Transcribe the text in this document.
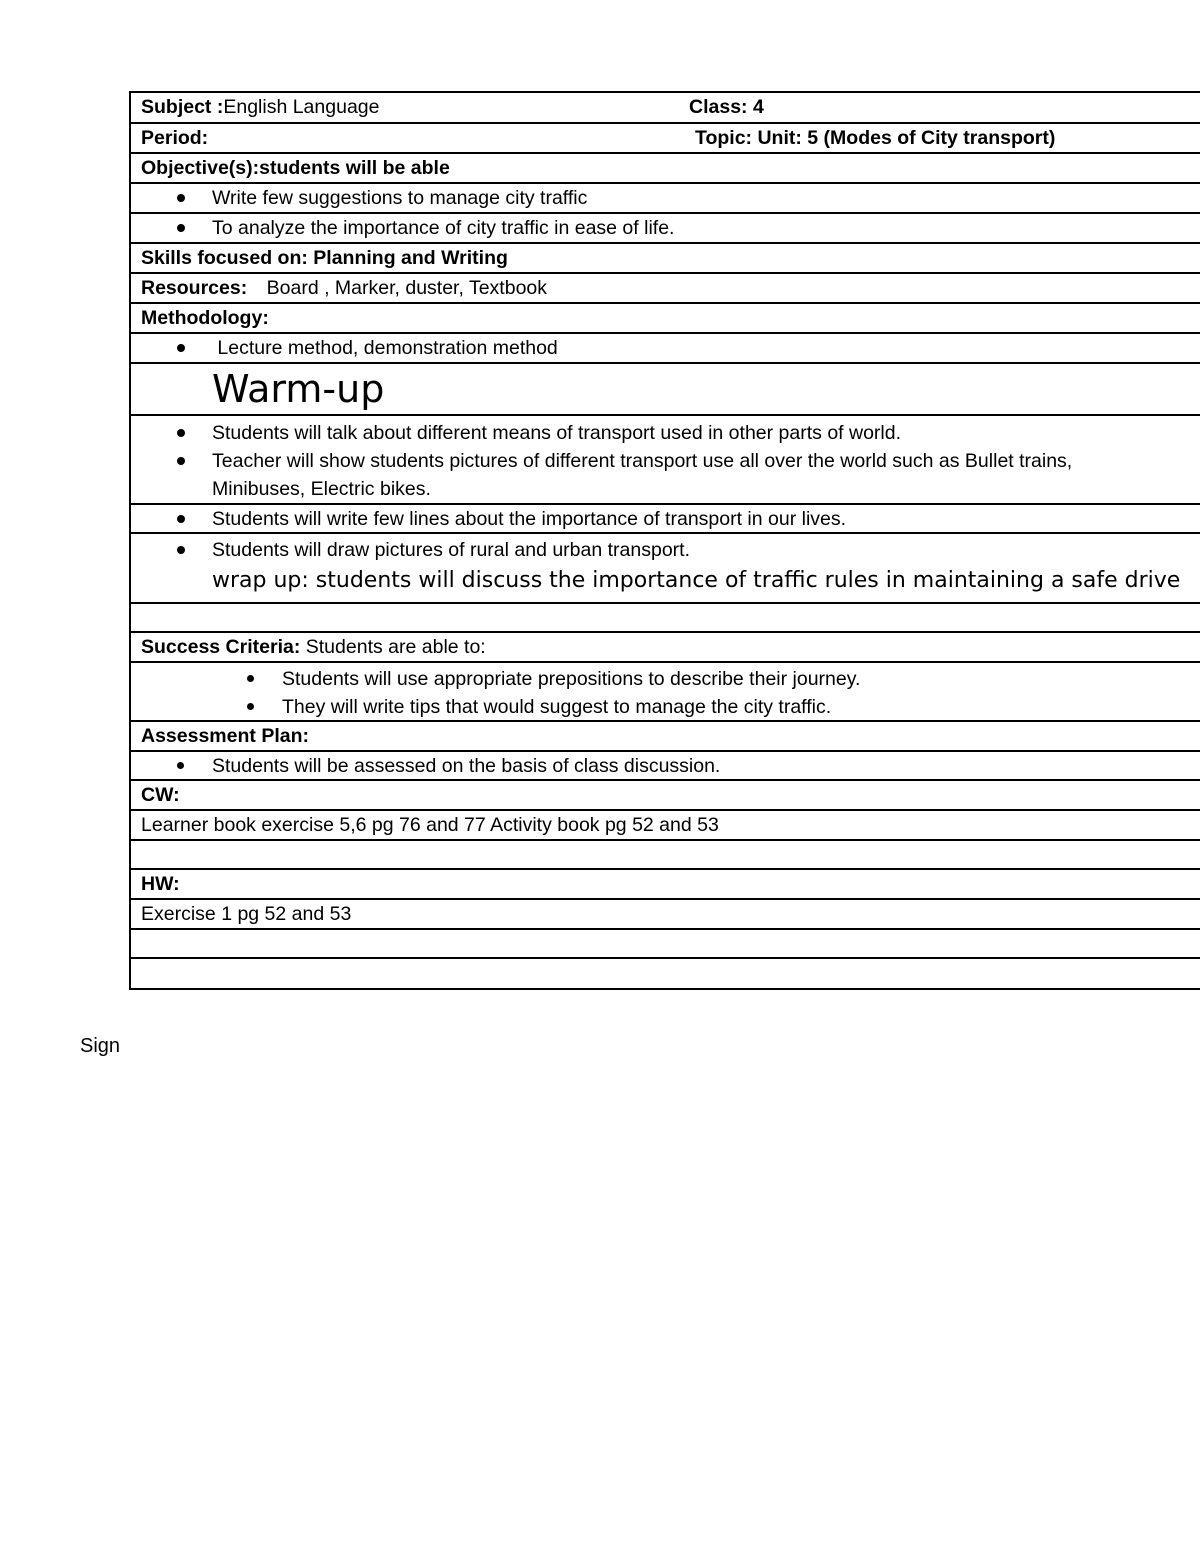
Subject :English Language	Class: 4
Period:	Topic: Unit: 5 (Modes of City transport)
Objective(s):students will be able
Write few suggestions to manage city traffic
To analyze the importance of city traffic in ease of life.
Skills focused on: Planning and Writing
Resources: Board , Marker, duster, Textbook
Methodology:
Lecture method, demonstration method
Warm-up
Students will talk about different means of transport used in other parts of world.
Teacher will show students pictures of different transport use all over the world such as Bullet trains,
Minibuses, Electric bikes.
Students will write few lines about the importance of transport in our lives.
Students will draw pictures of rural and urban transport.
wrap up: students will discuss the importance of traffic rules in maintaining a safe drive
Success Criteria: Students are able to:
Students will use appropriate prepositions to describe their journey.
They will write tips that would suggest to manage the city traffic.
Assessment Plan:
Students will be assessed on the basis of class discussion.
CW:
Learner book exercise 5,6 pg 76 and 77 Activity book pg 52 and 53
HW:
Exercise 1 pg 52 and 53
Sign
